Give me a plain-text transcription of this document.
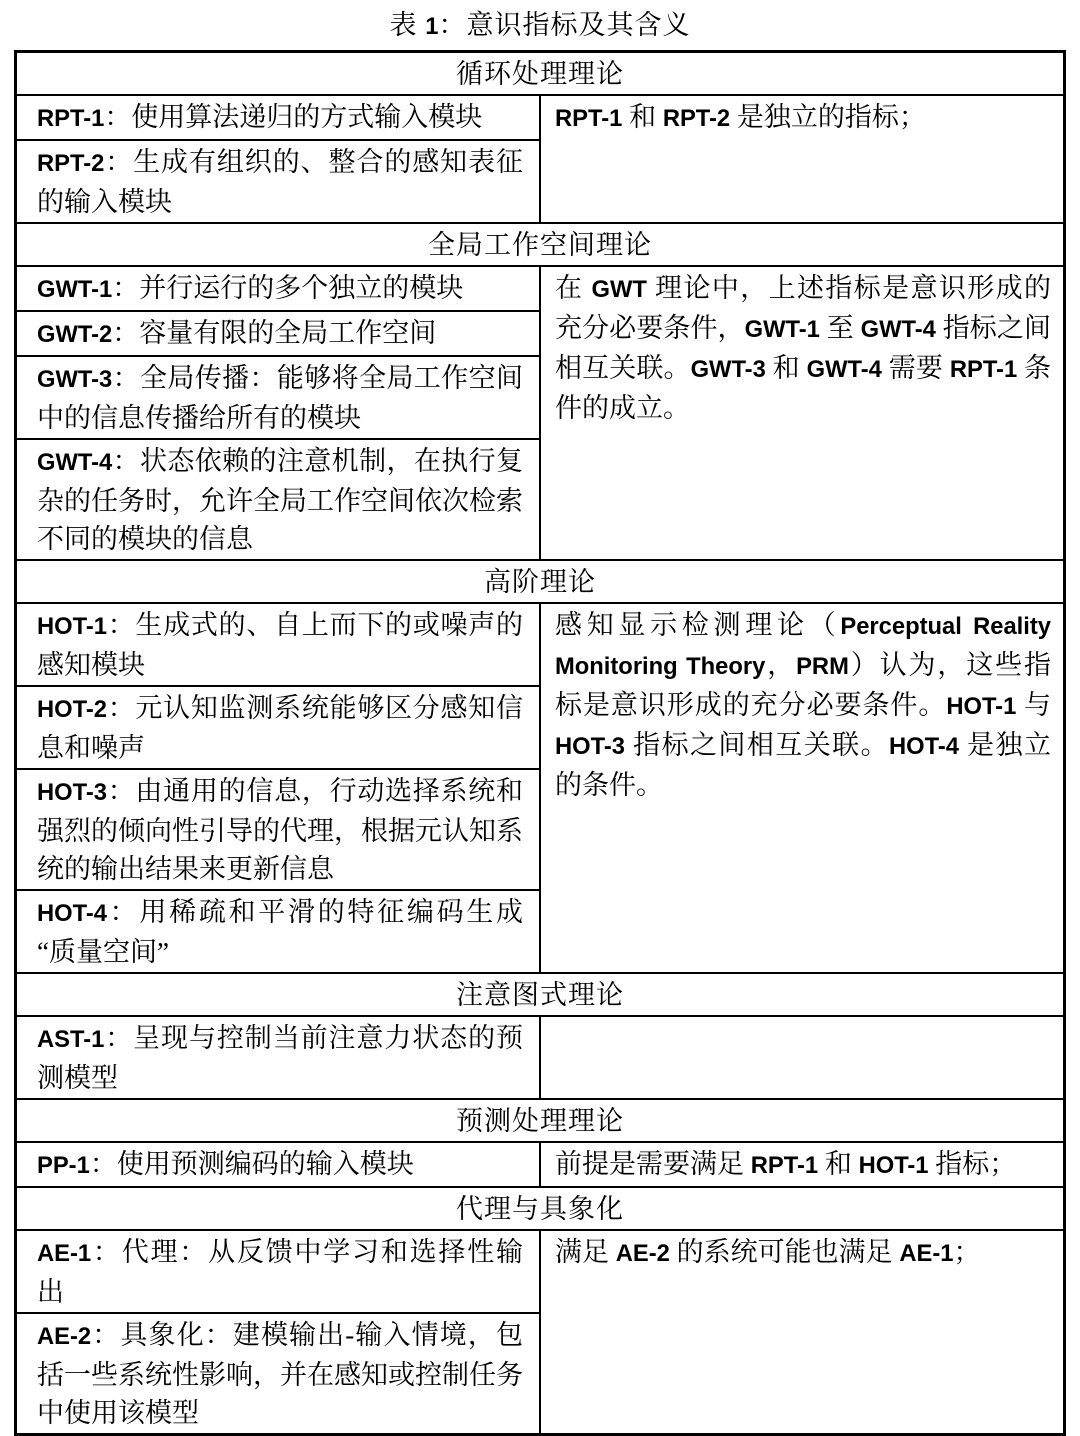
表 1：意识指标及其含义
循环处理理论	
RPT-1：使用算法递归的方式输入模块	RPT-1 和 RPT-2 是独立的指标；
RPT-2：生成有组织的、整合的感知表征的输入模块	
全局工作空间理论	
GWT-1：并行运行的多个独立的模块	在 GWT 理论中，上述指标是意识形成的充分必要条件，GWT-1 至 GWT-4 指标之间相互关联。GWT-3 和 GWT-4 需要 RPT-1 条件的成立。
GWT-2：容量有限的全局工作空间	
GWT-3：全局传播：能够将全局工作空间中的信息传播给所有的模块	
GWT-4：状态依赖的注意机制，在执行复杂的任务时，允许全局工作空间依次检索不同的模块的信息	
高阶理论	
HOT-1：生成式的、自上而下的或噪声的感知模块	感知显示检测理论（Perceptual Reality Monitoring Theory，PRM）认为，这些指标是意识形成的充分必要条件。HOT-1 与 HOT-3 指标之间相互关联。HOT-4 是独立的条件。
HOT-2：元认知监测系统能够区分感知信息和噪声	
HOT-3：由通用的信息，行动选择系统和强烈的倾向性引导的代理，根据元认知系统的输出结果来更新信息	
HOT-4：用稀疏和平滑的特征编码生成“质量空间”	
注意图式理论	
AST-1：呈现与控制当前注意力状态的预测模型	
预测处理理论	
PP-1：使用预测编码的输入模块	前提是需要满足 RPT-1 和 HOT-1 指标；
代理与具象化	
AE-1：代理：从反馈中学习和选择性输出	满足 AE-2 的系统可能也满足 AE-1；
AE-2：具象化：建模输出-输入情境，包括一些系统性影响，并在感知或控制任务中使用该模型	
